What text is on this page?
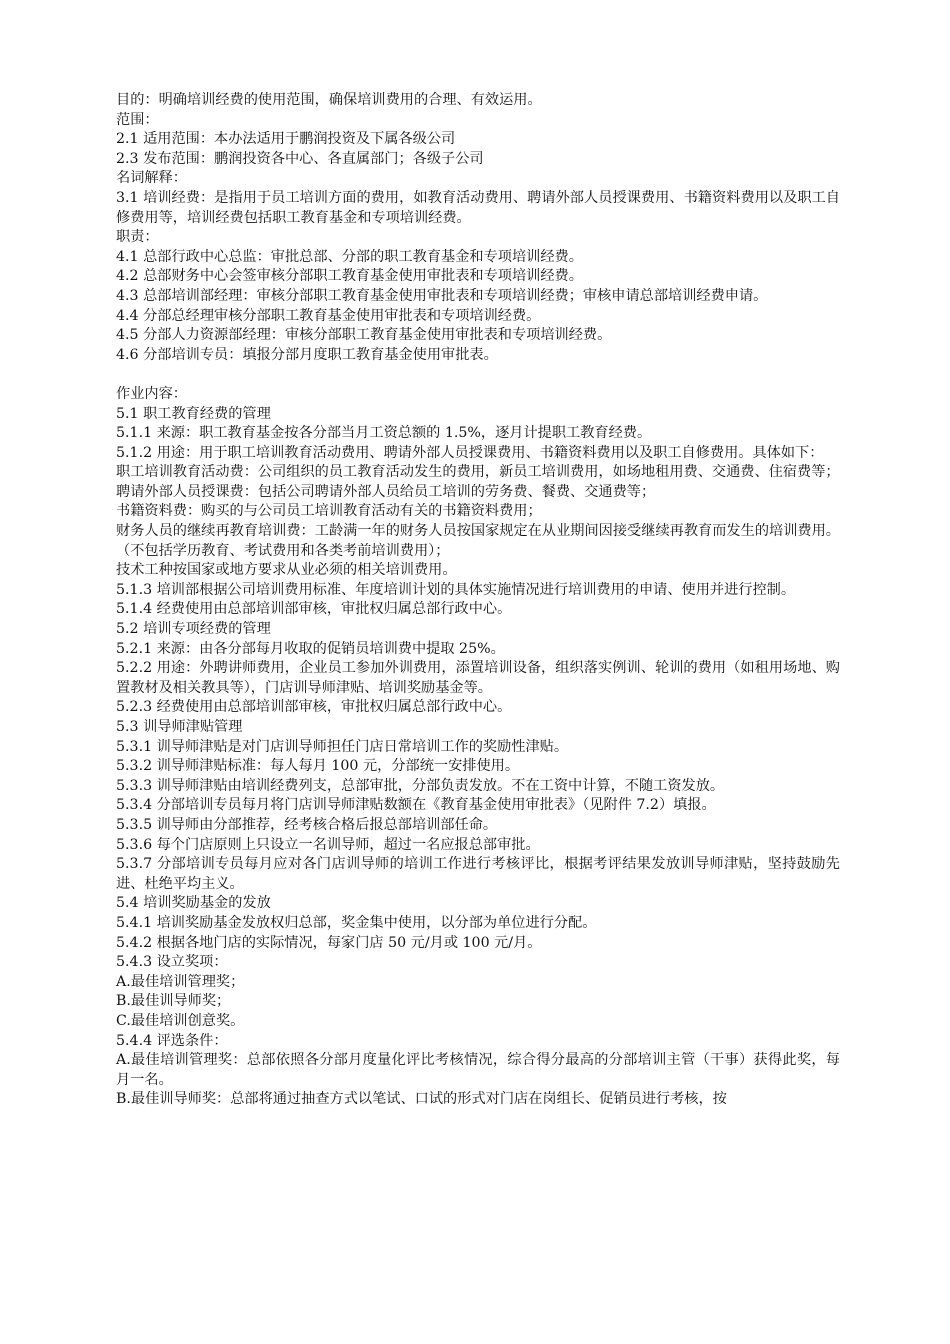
目的：明确培训经费的使用范围，确保培训费用的合理、有效运用。
范围：
2.1 适用范围：本办法适用于鹏润投资及下属各级公司
2.3 发布范围：鹏润投资各中心、各直属部门；各级子公司
名词解释：
3.1 培训经费：是指用于员工培训方面的费用，如教育活动费用、聘请外部人员授课费用、书籍资料费用以及职工自修费用等，培训经费包括职工教育基金和专项培训经费。
职责：
4.1 总部行政中心总监：审批总部、分部的职工教育基金和专项培训经费。
4.2 总部财务中心会签审核分部职工教育基金使用审批表和专项培训经费。
4.3 总部培训部经理：审核分部职工教育基金使用审批表和专项培训经费；审核申请总部培训经费申请。
4.4 分部总经理审核分部职工教育基金使用审批表和专项培训经费。
4.5 分部人力资源部经理：审核分部职工教育基金使用审批表和专项培训经费。
4.6 分部培训专员：填报分部月度职工教育基金使用审批表。
作业内容：
5.1 职工教育经费的管理
5.1.1 来源：职工教育基金按各分部当月工资总额的 1.5%，逐月计提职工教育经费。
5.1.2 用途：用于职工培训教育活动费用、聘请外部人员授课费用、书籍资料费用以及职工自修费用。具体如下：
职工培训教育活动费：公司组织的员工教育活动发生的费用，新员工培训费用，如场地租用费、交通费、住宿费等；
聘请外部人员授课费：包括公司聘请外部人员给员工培训的劳务费、餐费、交通费等；
书籍资料费：购买的与公司员工培训教育活动有关的书籍资料费用；
财务人员的继续再教育培训费：工龄满一年的财务人员按国家规定在从业期间因接受继续再教育而发生的培训费用。（不包括学历教育、考试费用和各类考前培训费用）；
技术工种按国家或地方要求从业必须的相关培训费用。
5.1.3 培训部根据公司培训费用标准、年度培训计划的具体实施情况进行培训费用的申请、使用并进行控制。
5.1.4 经费使用由总部培训部审核，审批权归属总部行政中心。
5.2 培训专项经费的管理
5.2.1 来源：由各分部每月收取的促销员培训费中提取 25%。
5.2.2 用途：外聘讲师费用，企业员工参加外训费用，添置培训设备，组织落实例训、轮训的费用（如租用场地、购置教材及相关教具等），门店训导师津贴、培训奖励基金等。
5.2.3 经费使用由总部培训部审核，审批权归属总部行政中心。
5.3 训导师津贴管理
5.3.1 训导师津贴是对门店训导师担任门店日常培训工作的奖励性津贴。
5.3.2 训导师津贴标准：每人每月 100 元，分部统一安排使用。
5.3.3 训导师津贴由培训经费列支，总部审批，分部负责发放。不在工资中计算，不随工资发放。
5.3.4 分部培训专员每月将门店训导师津贴数额在《教育基金使用审批表》（见附件 7.2）填报。
5.3.5 训导师由分部推荐，经考核合格后报总部培训部任命。
5.3.6 每个门店原则上只设立一名训导师，超过一名应报总部审批。
5.3.7 分部培训专员每月应对各门店训导师的培训工作进行考核评比，根据考评结果发放训导师津贴，坚持鼓励先进、杜绝平均主义。
5.4 培训奖励基金的发放
5.4.1 培训奖励基金发放权归总部，奖金集中使用，以分部为单位进行分配。
5.4.2 根据各地门店的实际情况，每家门店 50 元/月或 100 元/月。
5.4.3 设立奖项：
A.最佳培训管理奖；
B.最佳训导师奖；
C.最佳培训创意奖。
5.4.4 评选条件：
A.最佳培训管理奖：总部依照各分部月度量化评比考核情况，综合得分最高的分部培训主管（干事）获得此奖，每月一名。
B.最佳训导师奖：总部将通过抽查方式以笔试、口试的形式对门店在岗组长、促销员进行考核，按
